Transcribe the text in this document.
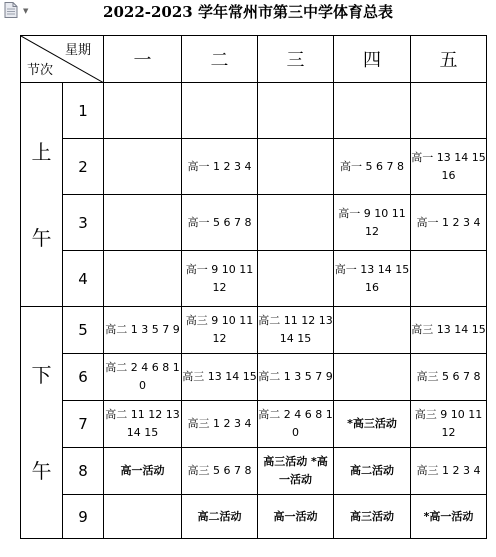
▼	2022-2023 学年常州市第三中学体育总表
星期
节次		一	二	三	四	五

上
午	1					
	2		高一 1 2 3 4		高一 5 6 7 8	高一 13 14 15 16
	3		高一 5 6 7 8		高一 9 10 11 12	高一 1 2 3 4
	4		高一 9 10 11 12		高一 13 14 15 16	

下
午	5	高二 1 3 5 7 9	高三 9 10 11 12	高二 11 12 13 14 15		高三 13 14 15
	6	高二 2 4 6 8 10	高三 13 14 15	高二 1 3 5 7 9		高三 5 6 7 8
	7	高二 11 12 13 14 15	高三 1 2 3 4	高二 2 4 6 8 10	*高三活动	高三 9 10 11 12
	8	高一活动	高三 5 6 7 8	高三活动 *高一活动	高二活动	高三 1 2 3 4
	9		高二活动	高一活动	高三活动	*高一活动
